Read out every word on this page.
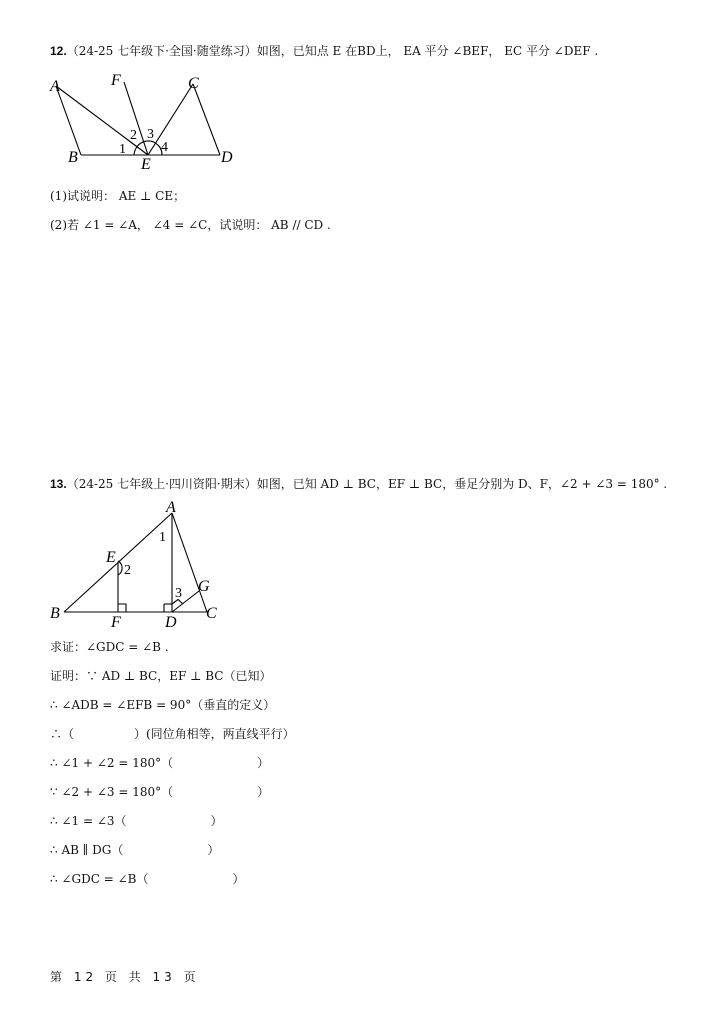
12.（24-25 七年级下·全国·随堂练习）如图，已知点 E 在BD上， EA 平分 ∠BEF， EC 平分 ∠DEF .
A	F	C
B	E	D
1
2 3
4
(1)试说明： AE ⊥ CE；
(2)若 ∠1 = ∠A， ∠4 = ∠C，试说明： AB // CD .
13.（24-25 七年级上·四川资阳·期末）如图，已知 AD ⊥ BC，EF ⊥ BC，垂足分别为 D、F，∠2 + ∠3 = 180° .
A
E
G
B
F	D
C
1
2
3
求证：∠GDC = ∠B .
证明：∵ AD ⊥ BC，EF ⊥ BC（已知）
∴ ∠ADB = ∠EFB = 90°（垂直的定义）
∴（　　　　　）(同位角相等，两直线平行）
∴ ∠1 + ∠2 = 180°（　　　　　　　）
∵ ∠2 + ∠3 = 180°（　　　　　　　）
∴ ∠1 = ∠3（　　　　　　　）
∴ AB ∥ DG（　　　　　　　）
∴ ∠GDC = ∠B（　　　　　　　）
第 12 页 共 13 页
